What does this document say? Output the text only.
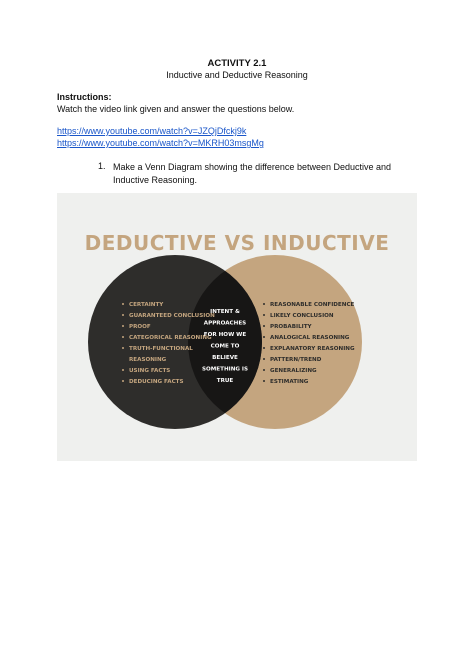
ACTIVITY 2.1
Inductive and Deductive Reasoning
Instructions:
Watch the video link given and answer the questions below.
https://www.youtube.com/watch?v=JZQjDfckj9k
https://www.youtube.com/watch?v=MKRH03msgMg
1. Make a Venn Diagram showing the difference between Deductive and Inductive Reasoning.
DEDUCTIVE VS INDUCTIVE
CERTAINTY
GUARANTEED CONCLUSION
PROOF
CATEGORICAL REASONING
TRUTH-FUNCTIONAL
REASONING
USING FACTS
DEDUCING FACTS
INTENT &
APPROACHES
FOR HOW WE
COME TO
BELIEVE
SOMETHING IS
TRUE
REASONABLE CONFIDENCE
LIKELY CONCLUSION
PROBABILITY
ANALOGICAL REASONING
EXPLANATORY REASONING
PATTERN/TREND
GENERALIZING
ESTIMATING
